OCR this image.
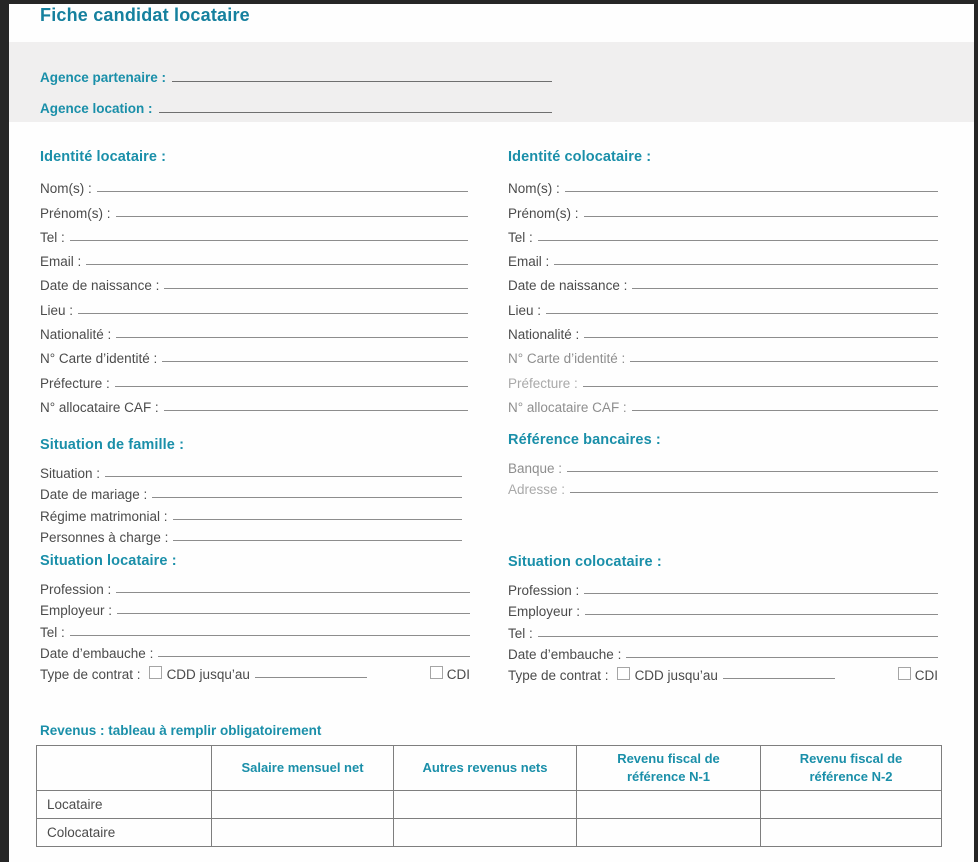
Fiche candidat locataire
Agence partenaire :
Agence location :
Identité locataire :
Nom(s) :
Prénom(s) :
Tel :
Email :
Date de naissance :
Lieu :
Nationalité :
N° Carte d’identité :
Préfecture :
N° allocataire CAF :
Identité colocataire :
Nom(s) :
Prénom(s) :
Tel :
Email :
Date de naissance :
Lieu :
Nationalité :
N° Carte d’identité :
Préfecture :
N° allocataire CAF :
Situation de famille :
Situation :
Date de mariage :
Régime matrimonial :
Personnes à charge :
Référence bancaires :
Banque :
Adresse :
Situation locataire :
Profession :
Employeur :
Tel :
Date d’embauche :
Type de contrat : CDD jusqu’au	CDI
Situation colocataire :
Profession :
Employeur :
Tel :
Date d’embauche :
Type de contrat : CDD jusqu’au	CDI
Revenus : tableau à remplir obligatoirement
	Salaire mensuel net	Autres revenus nets	Revenu fiscal de référence N-1	Revenu fiscal de référence N-2
Locataire				
Colocataire				
